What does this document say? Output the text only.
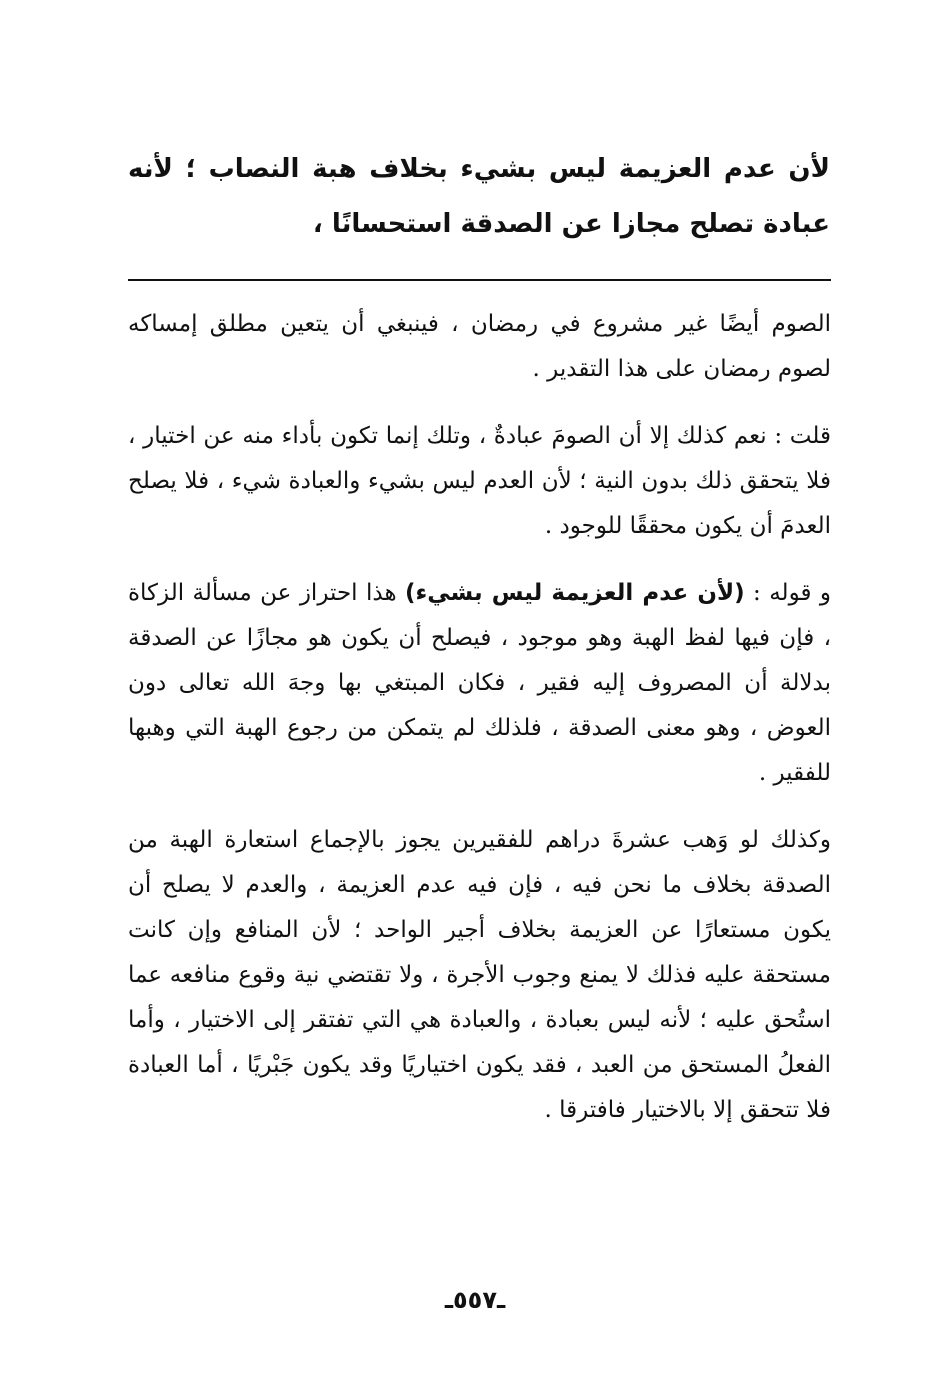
لأن عدم العزيمة ليس بشيء بخلاف هبة النصاب ؛ لأنه عبادة تصلح مجازا عن الصدقة استحسانًا ،

الصوم أيضًا غير مشروع في رمضان ، فينبغي أن يتعين مطلق إمساكه لصوم رمضان على هذا التقدير .

قلت : نعم كذلك إلا أن الصومَ عبادةٌ ، وتلك إنما تكون بأداء منه عن اختيار ، فلا يتحقق ذلك بدون النية ؛ لأن العدم ليس بشيء والعبادة شيء ، فلا يصلح العدمَ أن يكون محققًا للوجود .

و قوله : (لأن عدم العزيمة ليس بشيء) هذا احتراز عن مسألة الزكاة ، فإن فيها لفظ الهبة وهو موجود ، فيصلح أن يكون هو مجازًا عن الصدقة بدلالة أن المصروف إليه فقير ، فكان المبتغي بها وجهَ الله تعالى دون العوض ، وهو معنى الصدقة ، فلذلك لم يتمكن من رجوع الهبة التي وهبها للفقير .

وكذلك لو وَهب عشرةَ دراهم للفقيرين يجوز بالإجماع استعارة الهبة من الصدقة بخلاف ما نحن فيه ، فإن فيه عدم العزيمة ، والعدم لا يصلح أن يكون مستعارًا عن العزيمة بخلاف أجير الواحد ؛ لأن المنافع وإن كانت مستحقة عليه فذلك لا يمنع وجوب الأجرة ، ولا تقتضي نية وقوع منافعه عما استُحق عليه ؛ لأنه ليس بعبادة ، والعبادة هي التي تفتقر إلى الاختيار ، وأما الفعلُ المستحق من العبد ، فقد يكون اختياريًا وقد يكون جَبْريًا ، أما العبادة فلا تتحقق إلا بالاختيار فافترقا .

ـ٥٥٧ـ
